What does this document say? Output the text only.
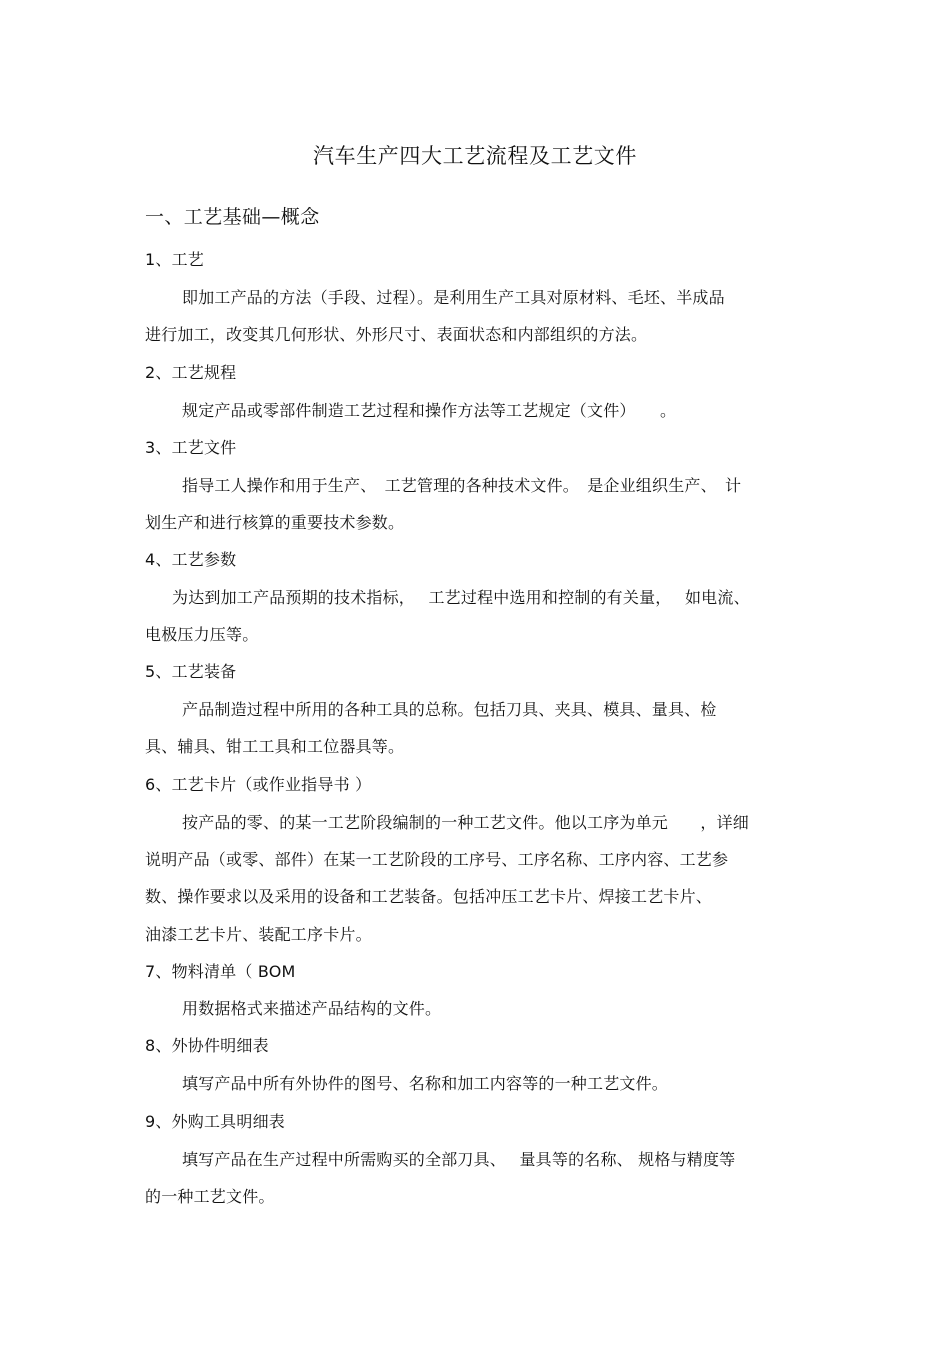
汽车生产四大工艺流程及工艺文件
一、工艺基础—概念
1、工艺
即加工产品的方法（手段、过程）。是利用生产工具对原材料、毛坯、半成品
进行加工，改变其几何形状、外形尺寸、表面状态和内部组织的方法。
2、工艺规程
规定产品或零部件制造工艺过程和操作方法等工艺规定（文件）　　。
3、工艺文件
指导工人操作和用于生产、　工艺管理的各种技术文件。　是企业组织生产、　计
划生产和进行核算的重要技术参数。
4、工艺参数
为达到加工产品预期的技术指标，　 工艺过程中选用和控制的有关量，　 如电流、
电极压力压等。
5、工艺装备
产品制造过程中所用的各种工具的总称。包括刀具、夹具、模具、量具、检
具、辅具、钳工工具和工位器具等。
6、工艺卡片（或作业指导书 ）
按产品的零、的某一工艺阶段编制的一种工艺文件。他以工序为单元　　，详细
说明产品（或零、部件）在某一工艺阶段的工序号、工序名称、工序内容、工艺参
数、操作要求以及采用的设备和工艺装备。包括冲压工艺卡片、焊接工艺卡片、
油漆工艺卡片、装配工序卡片。
7、物料清单（ BOM
用数据格式来描述产品结构的文件。
8、外协件明细表
填写产品中所有外协件的图号、名称和加工内容等的一种工艺文件。
9、外购工具明细表
填写产品在生产过程中所需购买的全部刀具、　 量具等的名称、 规格与精度等
的一种工艺文件。
